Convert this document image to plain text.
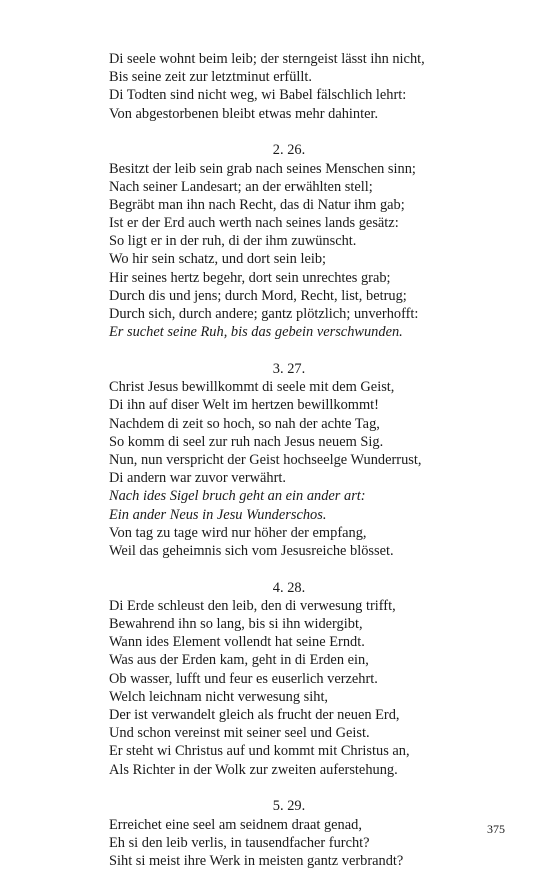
Di seele wohnt beim leib; der sterngeist lässt ihn nicht,
Bis seine zeit zur letztminut erfüllt.
Di Todten sind nicht weg, wi Babel fälschlich lehrt:
Von abgestorbenen bleibt etwas mehr dahinter.
2. 26.
Besitzt der leib sein grab nach seines Menschen sinn;
Nach seiner Landesart; an der erwählten stell;
Begräbt man ihn nach Recht, das di Natur ihm gab;
Ist er der Erd auch werth nach seines lands gesätz:
So ligt er in der ruh, di der ihm zuwünscht.
Wo hir sein schatz, und dort sein leib;
Hir seines hertz begehr, dort sein unrechtes grab;
Durch dis und jens; durch Mord, Recht, list, betrug;
Durch sich, durch andere; gantz plötzlich; unverhofft:
Er suchet seine Ruh, bis das gebein verschwunden.
3. 27.
Christ Jesus bewillkommt di seele mit dem Geist,
Di ihn auf diser Welt im hertzen bewillkommt!
Nachdem di zeit so hoch, so nah der achte Tag,
So komm di seel zur ruh nach Jesus neuem Sig.
Nun, nun verspricht der Geist hochseelge Wunderrust,
Di andern war zuvor verwährt.
Nach ides Sigel bruch geht an ein ander art:
Ein ander Neus in Jesu Wunderschos.
Von tag zu tage wird nur höher der empfang,
Weil das geheimnis sich vom Jesusreiche blösset.
4. 28.
Di Erde schleust den leib, den di verwesung trifft,
Bewahrend ihn so lang, bis si ihn widergibt,
Wann ides Element vollendt hat seine Erndt.
Was aus der Erden kam, geht in di Erden ein,
Ob wasser, lufft und feur es euserlich verzehrt.
Welch leichnam nicht verwesung siht,
Der ist verwandelt gleich als frucht der neuen Erd,
Und schon vereinst mit seiner seel und Geist.
Er steht wi Christus auf und kommt mit Christus an,
Als Richter in der Wolk zur zweiten auferstehung.
5. 29.
Erreichet eine seel am seidnem draat genad,
Eh si den leib verlis, in tausendfacher furcht?
Siht si meist ihre Werk in meisten gantz verbrandt?
375
